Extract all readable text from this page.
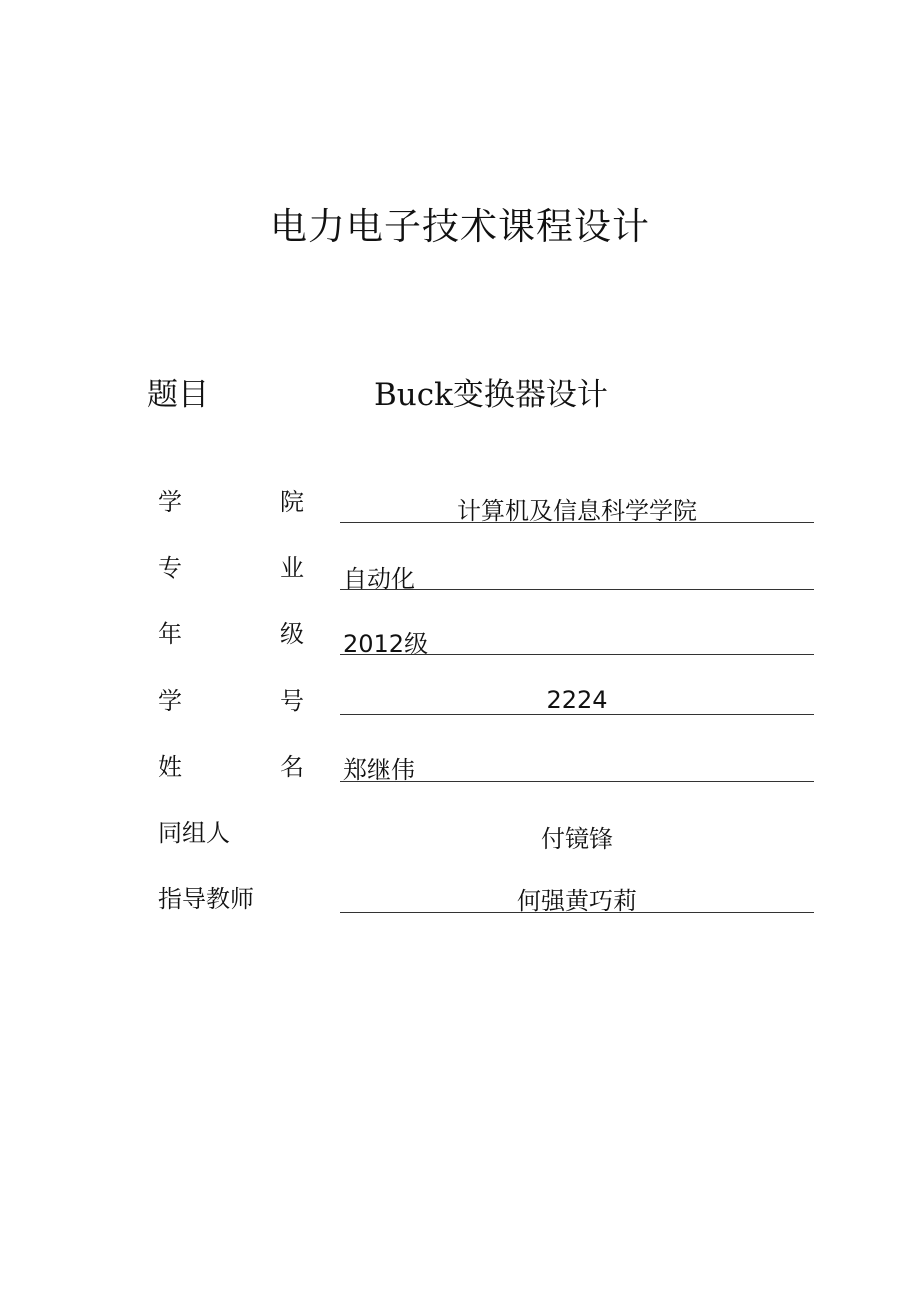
电力电子技术课程设计
题目	Buck变换器设计
学	院	计算机及信息科学学院
专	业 自动化
年	级 2012级
学	号	2224
姓	名 郑继伟
同组人	付镜锋
指导教师	何强黄巧莉
